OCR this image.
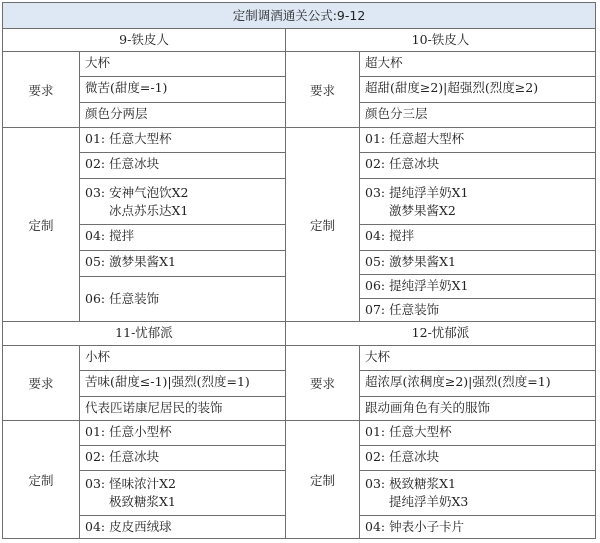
定制调酒通关公式:9-12
9-铁皮人	10-铁皮人
要求
大杯
微苦(甜度=-1)
颜色分两层
要求
超大杯
超甜(甜度≥2)|超强烈(烈度≥2)
颜色分三层
定制
01: 任意大型杯
02: 任意冰块
03: 安神气泡饮X2
冰点苏乐达X1
04: 搅拌
05: 激梦果酱X1
06: 任意装饰
定制
01: 任意超大型杯
02: 任意冰块
03: 提纯浮羊奶X1
激梦果酱X2
04: 搅拌
05: 激梦果酱X1
06: 提纯浮羊奶X1
07: 任意装饰
11-忧郁派	12-忧郁派
要求
小杯
苦味(甜度≤-1)|强烈(烈度=1)
代表匹诺康尼居民的装饰
要求
大杯
超浓厚(浓稠度≥2)|强烈(烈度=1)
跟动画角色有关的服饰
定制
01: 任意小型杯
02: 任意冰块
03: 怪味浓汁X2
极致糖浆X1
04: 皮皮西绒球
定制
01: 任意大型杯
02: 任意冰块
03: 极致糖浆X1
提纯浮羊奶X3
04: 钟表小子卡片
